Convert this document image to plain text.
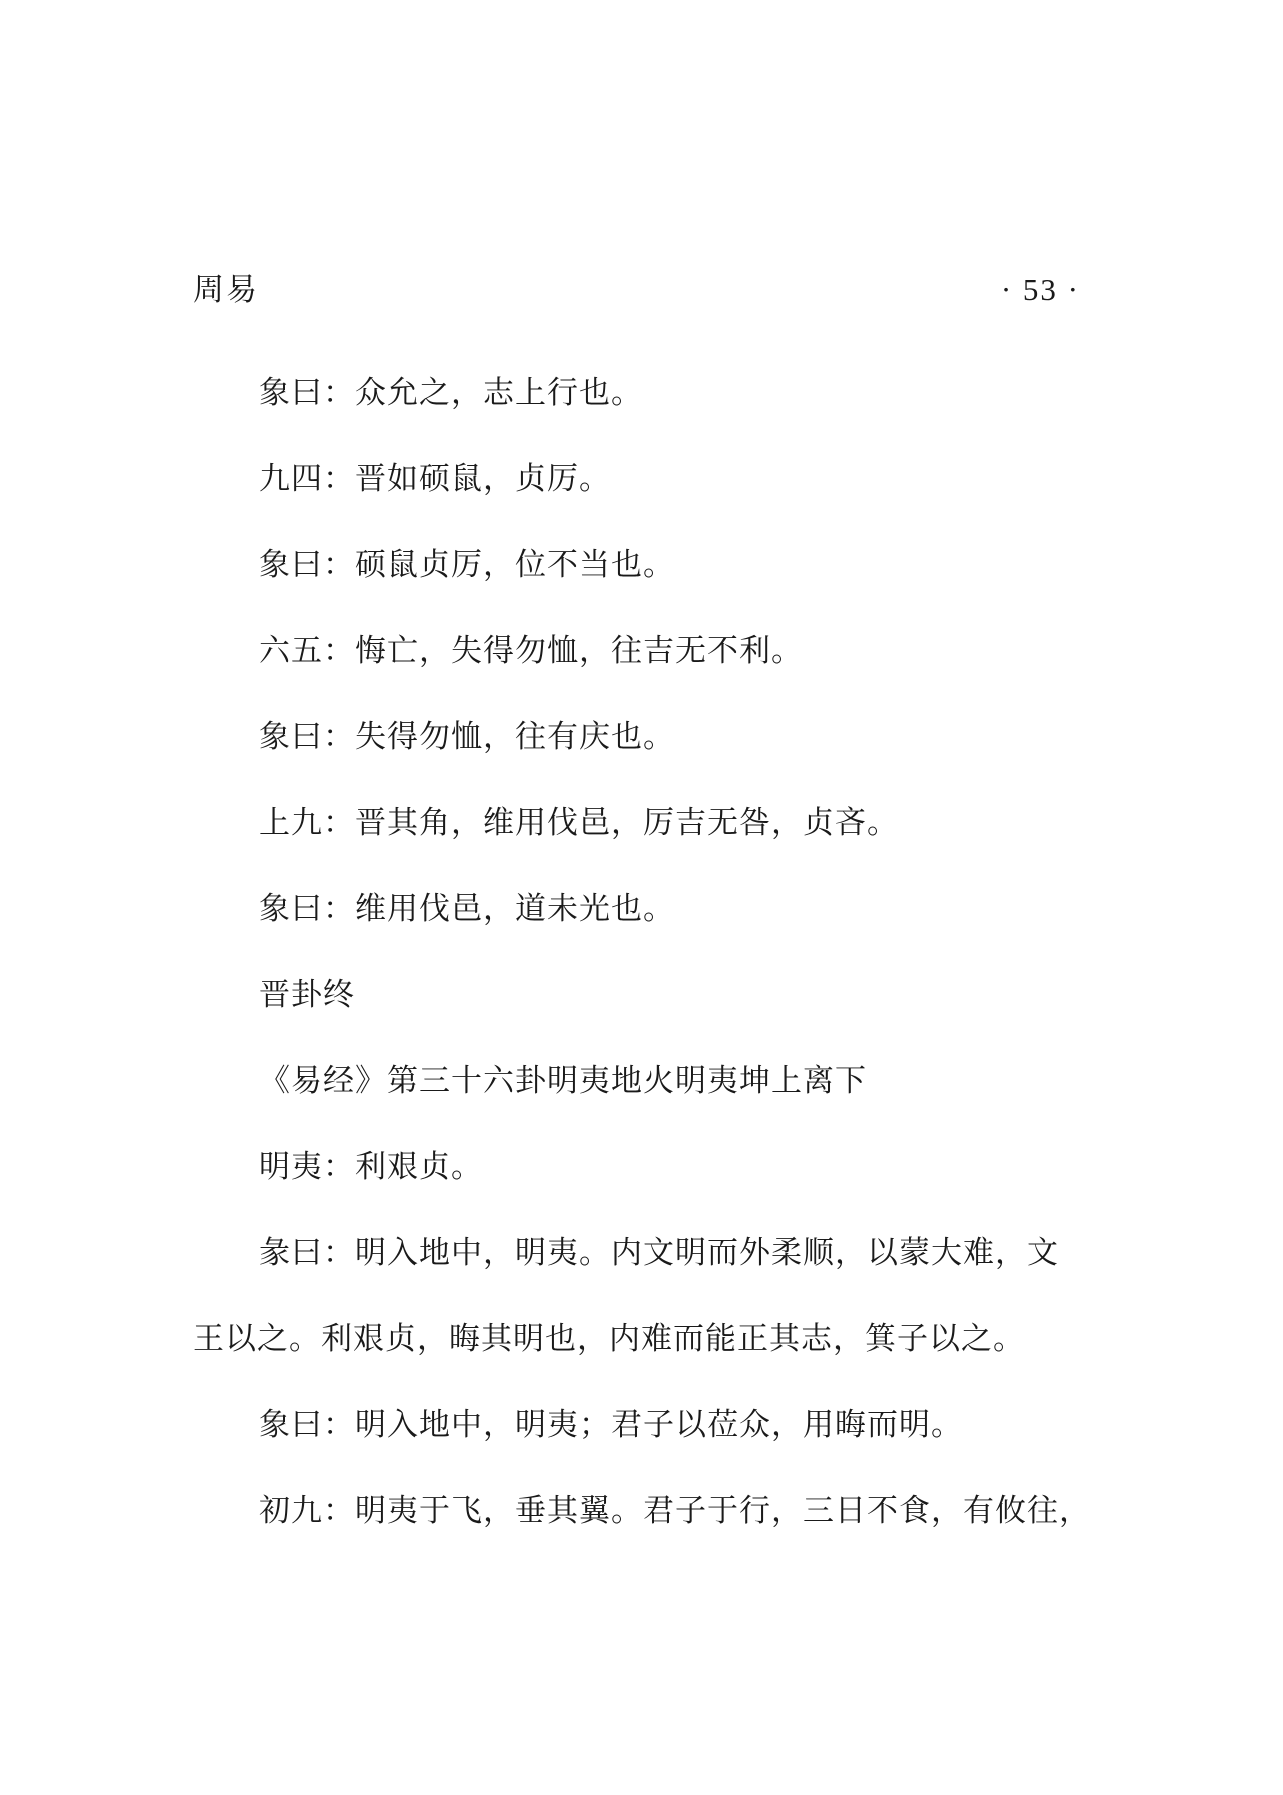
周易	· 53 ·
象曰：众允之，志上行也。
九四：晋如硕鼠，贞厉。
象曰：硕鼠贞厉，位不当也。
六五：悔亡，失得勿恤，往吉无不利。
象曰：失得勿恤，往有庆也。
上九：晋其角，维用伐邑，厉吉无咎，贞吝。
象曰：维用伐邑，道未光也。
晋卦终
《易经》第三十六卦明夷地火明夷坤上离下
明夷：利艰贞。
彖曰：明入地中，明夷。内文明而外柔顺，以蒙大难，文
王以之。利艰贞，晦其明也，内难而能正其志，箕子以之。
象曰：明入地中，明夷；君子以莅众，用晦而明。
初九：明夷于飞，垂其翼。君子于行，三日不食，有攸往，
